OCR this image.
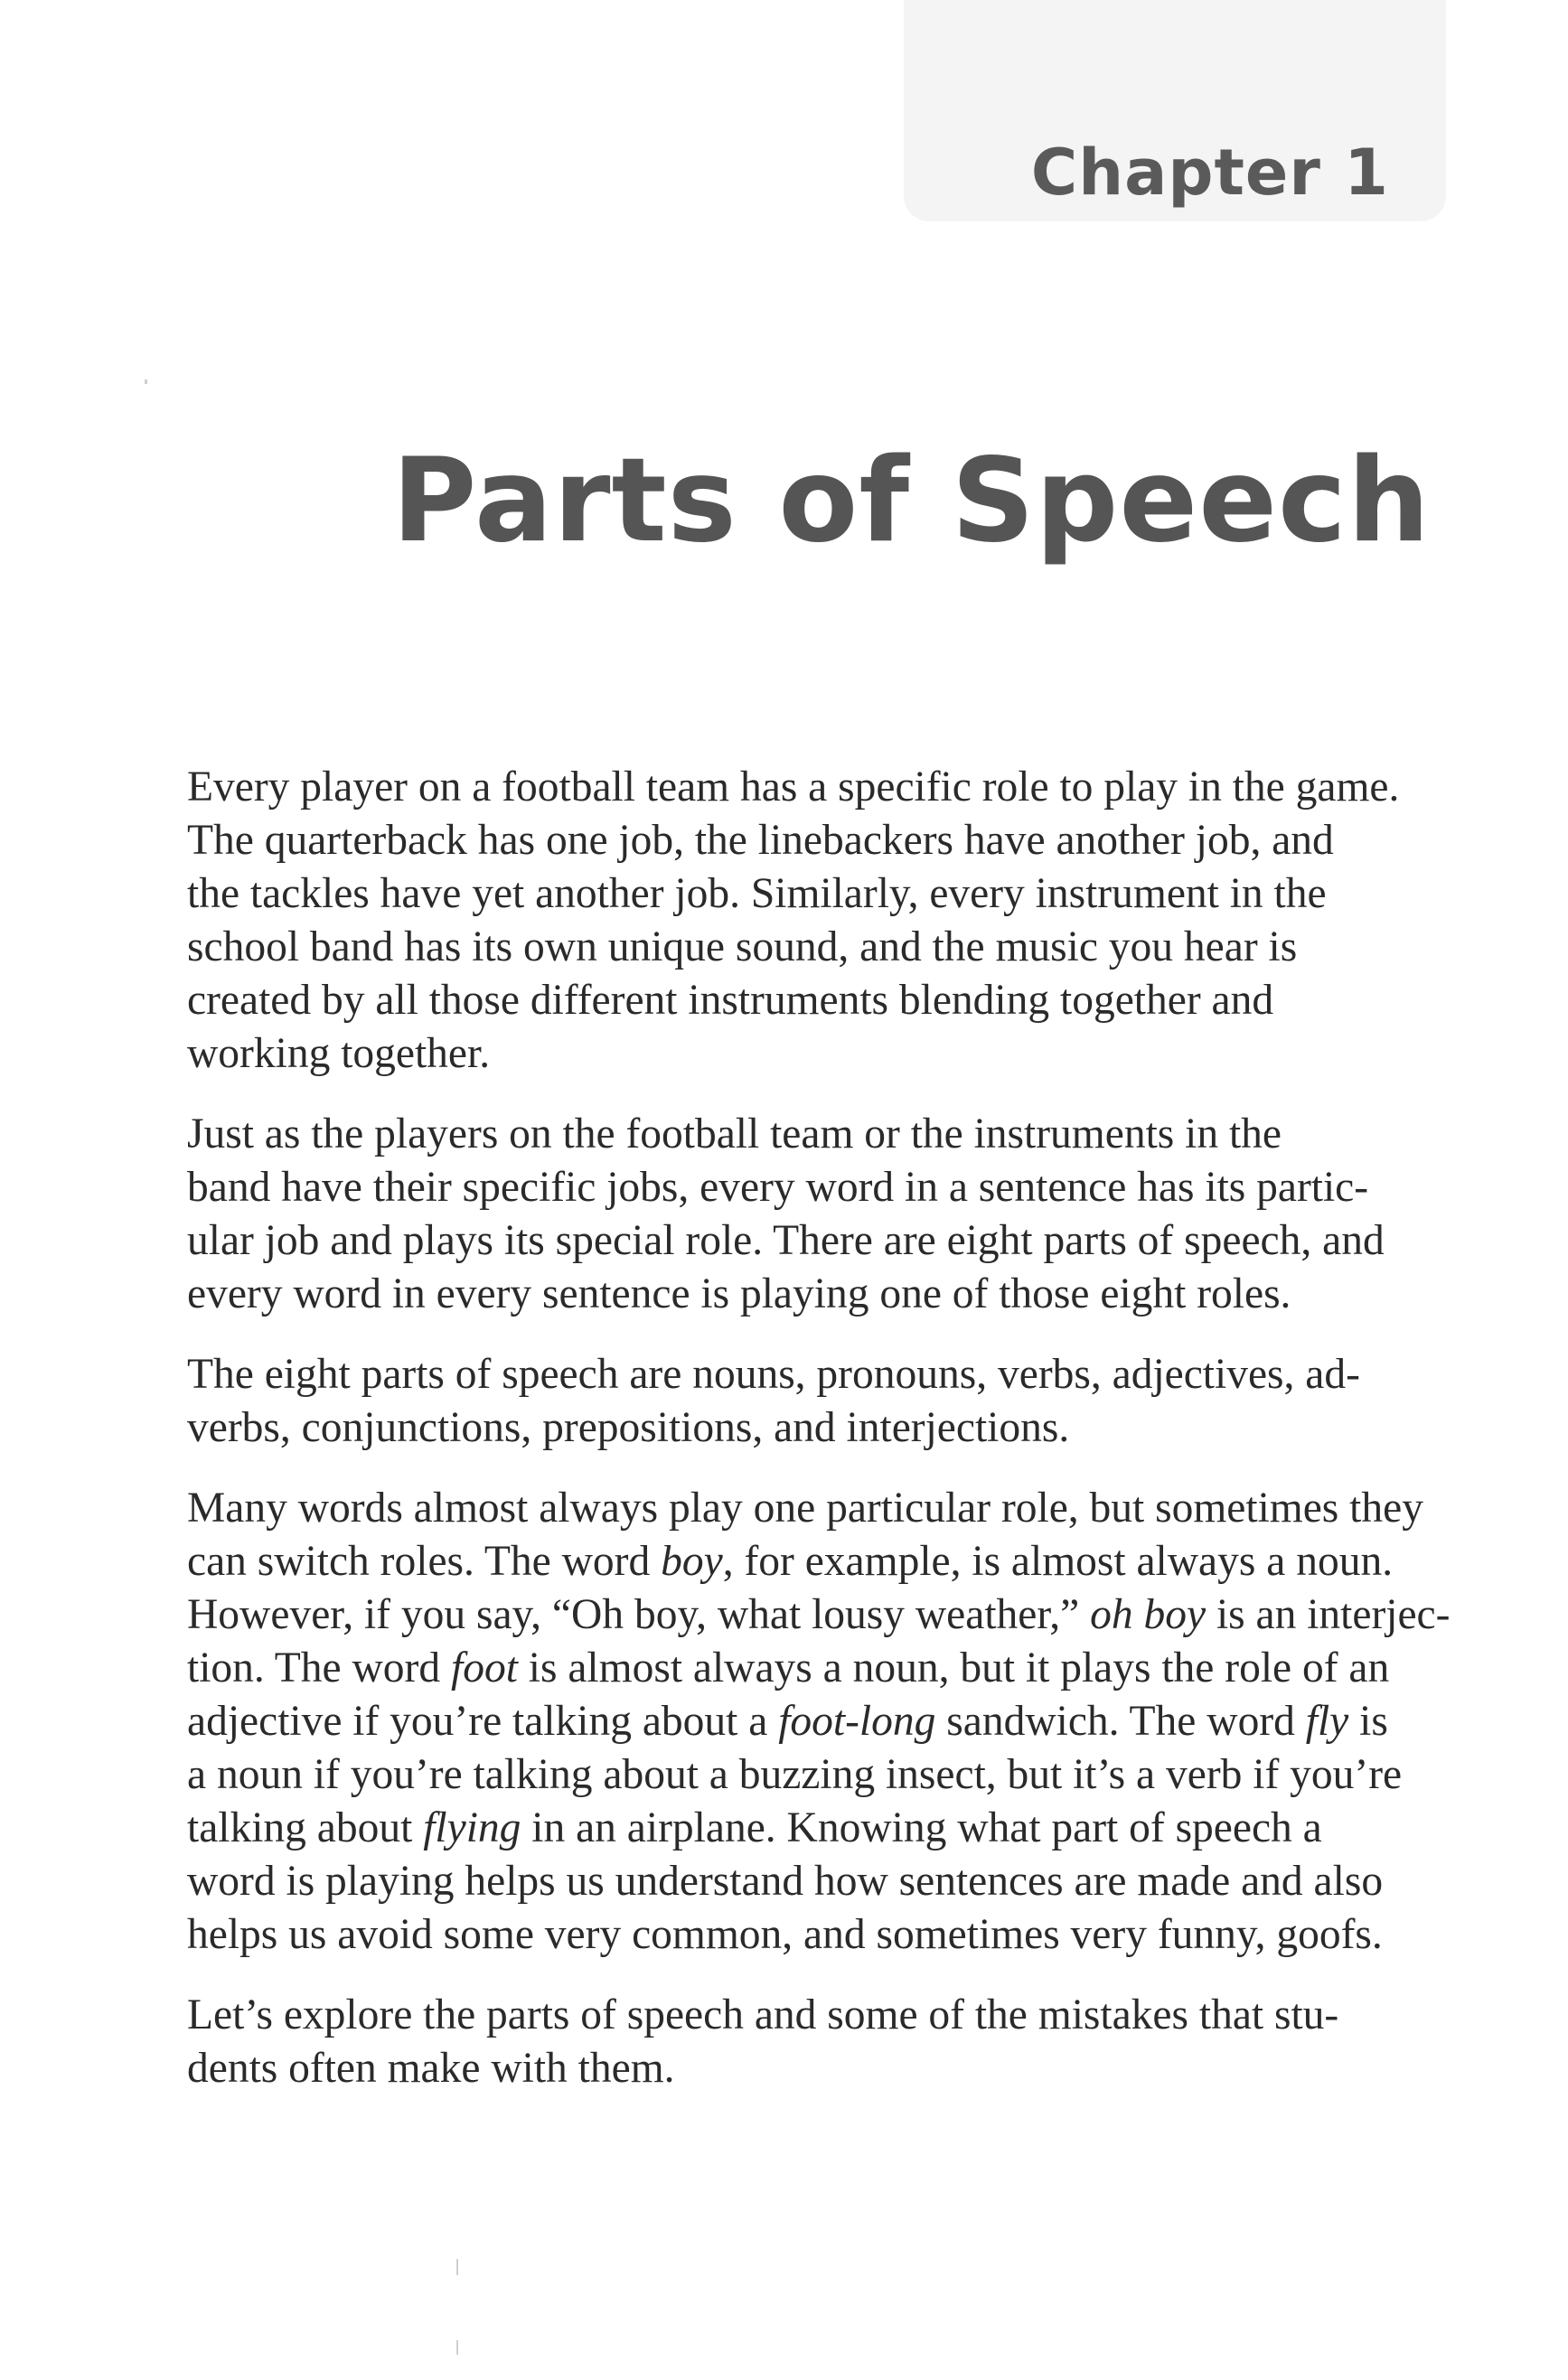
Chapter 1
Parts of Speech

Every player on a football team has a specific role to play in the game.
The quarterback has one job, the linebackers have another job, and
the tackles have yet another job. Similarly, every instrument in the
school band has its own unique sound, and the music you hear is
created by all those different instruments blending together and
working together.

Just as the players on the football team or the instruments in the
band have their specific jobs, every word in a sentence has its partic-
ular job and plays its special role. There are eight parts of speech, and
every word in every sentence is playing one of those eight roles.

The eight parts of speech are nouns, pronouns, verbs, adjectives, ad-
verbs, conjunctions, prepositions, and interjections.

Many words almost always play one particular role, but sometimes they
can switch roles. The word boy, for example, is almost always a noun.
However, if you say, “Oh boy, what lousy weather,” oh boy is an interjec-
tion. The word foot is almost always a noun, but it plays the role of an
adjective if you’re talking about a foot-long sandwich. The word fly is
a noun if you’re talking about a buzzing insect, but it’s a verb if you’re
talking about flying in an airplane. Knowing what part of speech a
word is playing helps us understand how sentences are made and also
helps us avoid some very common, and sometimes very funny, goofs.

Let’s explore the parts of speech and some of the mistakes that stu-
dents often make with them.
